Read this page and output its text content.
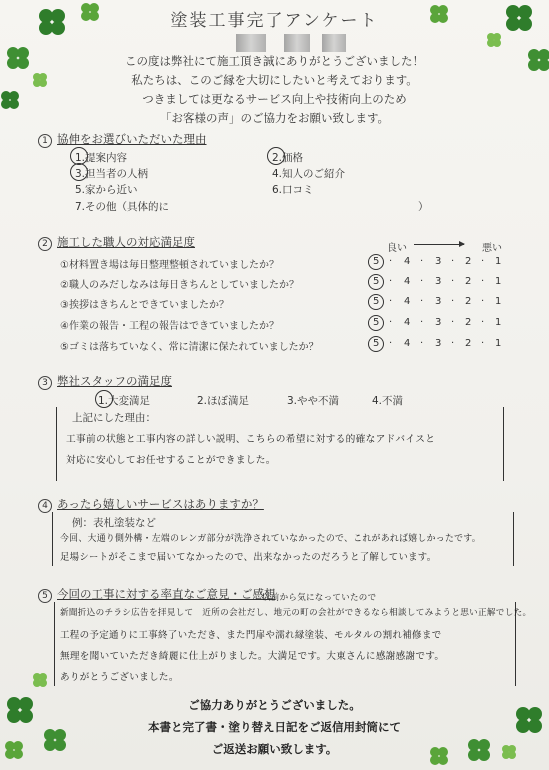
塗装工事完了アンケート
この度は弊社にて施工頂き誠にありがとうございました！
私たちは、このご縁を大切にしたいと考えております。
つきましては更なるサービス向上や技術向上のため
「お客様の声」のご協力をお願い致します。
1 協伸をお選びいただいた理由
1.提案内容	2.価格
3.担当者の人柄	4.知人のご紹介
5.家から近い	6.口コミ
7.その他（具体的に	）
2 施工した職人の対応満足度	良い	悪い
①材料置き場は毎日整理整頓されていましたか？	5 · 4 · 3 · 2 · 1
②職人のみだしなみは毎日きちんとしていましたか？	5 · 4 · 3 · 2 · 1
③挨拶はきちんとできていましたか？	5 · 4 · 3 · 2 · 1
④作業の報告・工程の報告はできていましたか？	5 · 4 · 3 · 2 · 1
⑤ゴミは落ちていなく、常に清潔に保たれていましたか？	5 · 4 · 3 · 2 · 1
3 弊社スタッフの満足度
1.大変満足	2.ほぼ満足	3.やや不満	4.不満
上記にした理由：
工事前の状態と工事内容の詳しい説明、こちらの希望に対する的確なアドバイスと
対応に安心してお任せすることができました。
4 あったら嬉しいサービスはありますか？
例：表札塗装など
今回、大通り側外構・左端のレンガ部分が洗浄されていなかったので、これがあれば嬉しかったです。
足場シートがそこまで届いてなかったので、出来なかったのだろうと了解しています。
5 今回の工事に対する率直なご意見・ご感想
以前から気になっていたので
新聞折込のチラシ広告を拝見して　近所の会社だし、地元の町の会社ができるなら相談してみようと思い正解でした。
工程の予定通りに工事終了いただき、また門扉や濡れ縁塗装、モルタルの割れ補修まで
無理を聞いていただき綺麗に仕上がりました。大満足です。大東さんに感謝感謝です。
ありがとうございました。
ご協力ありがとうございました。
本書と完了書・塗り替え日記をご返信用封筒にて
ご返送お願い致します。
